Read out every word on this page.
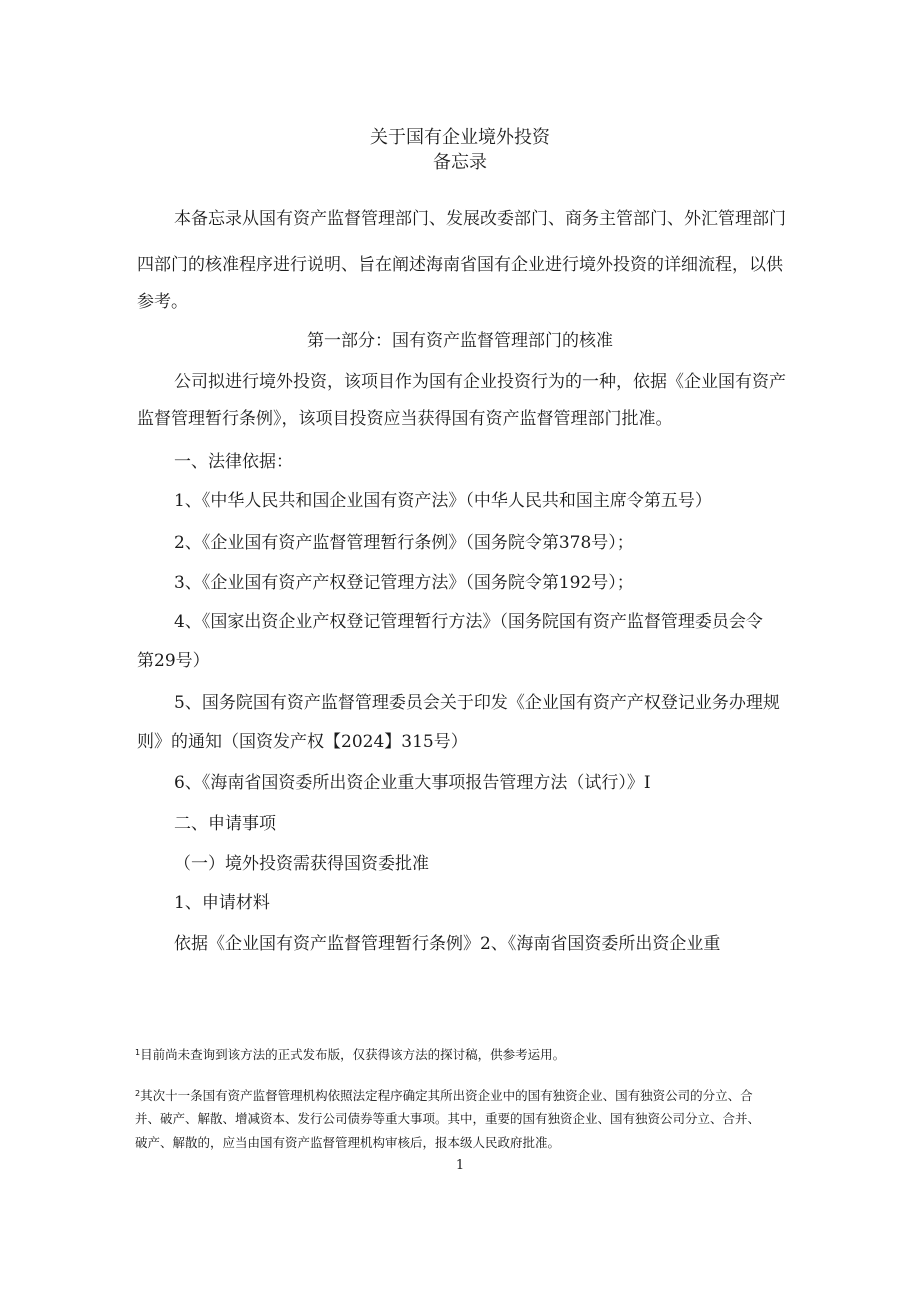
关于国有企业境外投资
备忘录
本备忘录从国有资产监督管理部门、发展改委部门、商务主管部门、外汇管理部门
四部门的核准程序进行说明、旨在阐述海南省国有企业进行境外投资的详细流程，以供
参考。
第一部分：国有资产监督管理部门的核准
公司拟进行境外投资，该项目作为国有企业投资行为的一种，依据《企业国有资产
监督管理暂行条例》，该项目投资应当获得国有资产监督管理部门批准。
一、法律依据：
1、《中华人民共和国企业国有资产法》（中华人民共和国主席令第五号）
2、《企业国有资产监督管理暂行条例》（国务院令第378号）；
3、《企业国有资产产权登记管理方法》（国务院令第192号）；
4、《国家出资企业产权登记管理暂行方法》（国务院国有资产监督管理委员会令
第29号）
5、国务院国有资产监督管理委员会关于印发《企业国有资产产权登记业务办理规
则》的通知（国资发产权【2024】315号）
6、《海南省国资委所出资企业重大事项报告管理方法（试行）》I
二、申请事项
（一）境外投资需获得国资委批准
1、申请材料
依据《企业国有资产监督管理暂行条例》2、《海南省国资委所出资企业重
$^1$目前尚未查询到该方法的正式发布版，仅获得该方法的探讨稿，供参考运用。
$^2$其次十一条国有资产监督管理机构依照法定程序确定其所出资企业中的国有独资企业、国有独资公司的分立、合
并、破产、解散、增减资本、发行公司债券等重大事项。其中，重要的国有独资企业、国有独资公司分立、合并、
破产、解散的，应当由国有资产监督管理机构审核后，报本级人民政府批准。
1
